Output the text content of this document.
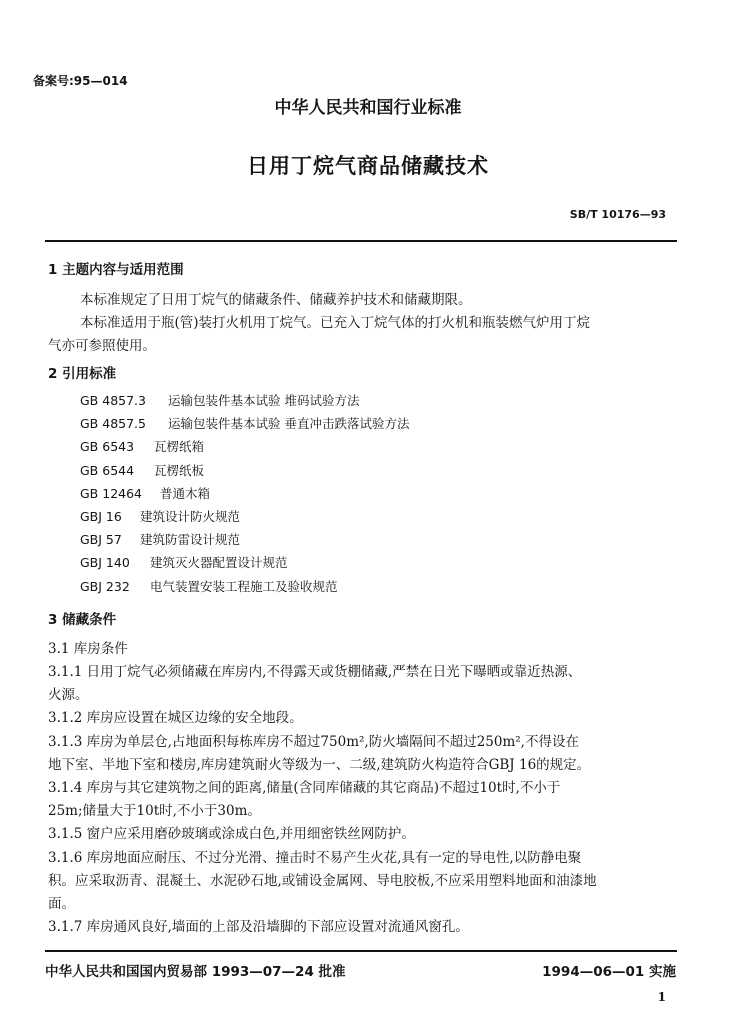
备案号:95—014
中华人民共和国行业标准
日用丁烷气商品储藏技术
SB/T 10176—93
1 主题内容与适用范围
本标准规定了日用丁烷气的储藏条件、储藏养护技术和储藏期限。
本标准适用于瓶(管)装打火机用丁烷气。已充入丁烷气体的打火机和瓶装燃气炉用丁烷
气亦可参照使用。
2 引用标准
GB 4857.3 运输包装件基本试验 堆码试验方法
GB 4857.5 运输包装件基本试验 垂直冲击跌落试验方法
GB 6543 瓦楞纸箱
GB 6544 瓦楞纸板
GB 12464 普通木箱
GBJ 16 建筑设计防火规范
GBJ 57 建筑防雷设计规范
GBJ 140 建筑灭火器配置设计规范
GBJ 232 电气装置安装工程施工及验收规范
3 储藏条件
3.1 库房条件
3.1.1 日用丁烷气必须储藏在库房内,不得露天或货棚储藏,严禁在日光下曝晒或靠近热源、
火源。
3.1.2 库房应设置在城区边缘的安全地段。
3.1.3 库房为单层仓,占地面积每栋库房不超过750m²,防火墙隔间不超过250m²,不得设在
地下室、半地下室和楼房,库房建筑耐火等级为一、二级,建筑防火构造符合GBJ 16的规定。
3.1.4 库房与其它建筑物之间的距离,储量(含同库储藏的其它商品)不超过10t时,不小于
25m;储量大于10t时,不小于30m。
3.1.5 窗户应采用磨砂玻璃或涂成白色,并用细密铁丝网防护。
3.1.6 库房地面应耐压、不过分光滑、撞击时不易产生火花,具有一定的导电性,以防静电聚
积。应采取沥青、混凝土、水泥砂石地,或铺设金属网、导电胶板,不应采用塑料地面和油漆地
面。
3.1.7 库房通风良好,墙面的上部及沿墙脚的下部应设置对流通风窗孔。
中华人民共和国国内贸易部 1993—07—24 批准	1994—06—01 实施
1
